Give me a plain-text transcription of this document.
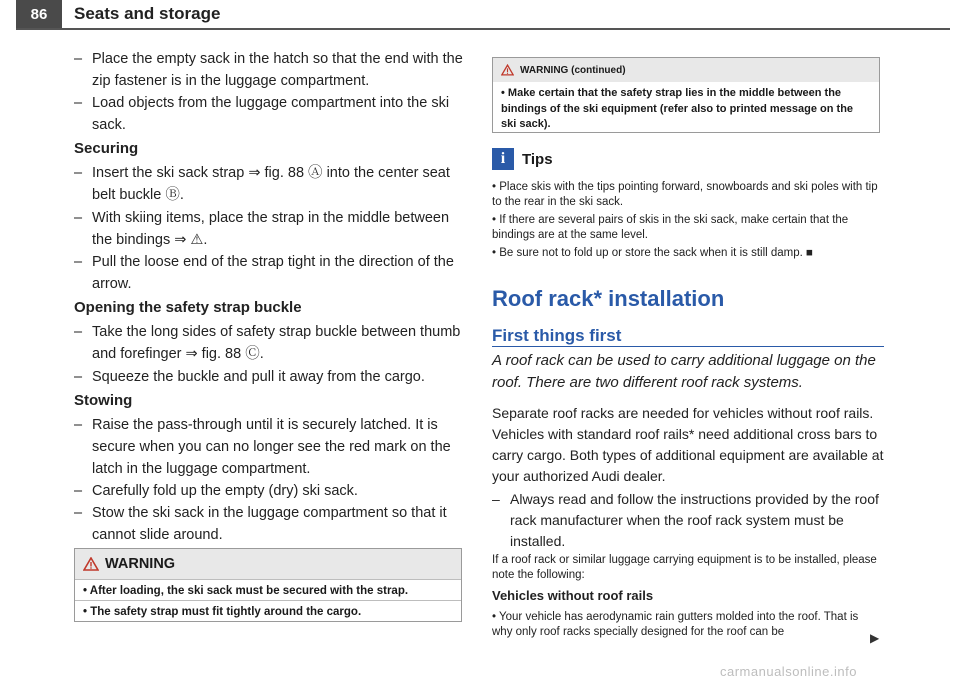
86	Seats and storage
– Place the empty sack in the hatch so that the end with the zip fastener is in the luggage compartment.
– Load objects from the luggage compartment into the ski sack.
Securing
– Insert the ski sack strap ⇒ fig. 88 Ⓐ into the center seat belt buckle Ⓑ.
– With skiing items, place the strap in the middle between the bindings ⇒ ⚠.
– Pull the loose end of the strap tight in the direction of the arrow.
Opening the safety strap buckle
– Take the long sides of safety strap buckle between thumb and forefinger ⇒ fig. 88 Ⓒ.
– Squeeze the buckle and pull it away from the cargo.
Stowing
– Raise the pass-through until it is securely latched. It is secure when you can no longer see the red mark on the latch in the luggage compartment.
– Carefully fold up the empty (dry) ski sack.
– Stow the ski sack in the luggage compartment so that it cannot slide around.
WARNING
• After loading, the ski sack must be secured with the strap.
• The safety strap must fit tightly around the cargo.
WARNING (continued)
• Make certain that the safety strap lies in the middle between the bindings of the ski equipment (refer also to printed message on the ski sack).
i	Tips
• Place skis with the tips pointing forward, snowboards and ski poles with tip to the rear in the ski sack.
• If there are several pairs of skis in the ski sack, make certain that the bindings are at the same level.
• Be sure not to fold up or store the sack when it is still damp. ■
Roof rack* installation
First things first
A roof rack can be used to carry additional luggage on the roof. There are two different roof rack systems.
Separate roof racks are needed for vehicles without roof rails. Vehicles with standard roof rails* need additional cross bars to carry cargo. Both types of additional equipment are available at your authorized Audi dealer.
– Always read and follow the instructions provided by the roof rack manufacturer when the roof rack system must be installed.
If a roof rack or similar luggage carrying equipment is to be installed, please note the following:
Vehicles without roof rails
• Your vehicle has aerodynamic rain gutters molded into the roof. That is why only roof racks specially designed for the roof can be	▶
carmanualsonline.info
